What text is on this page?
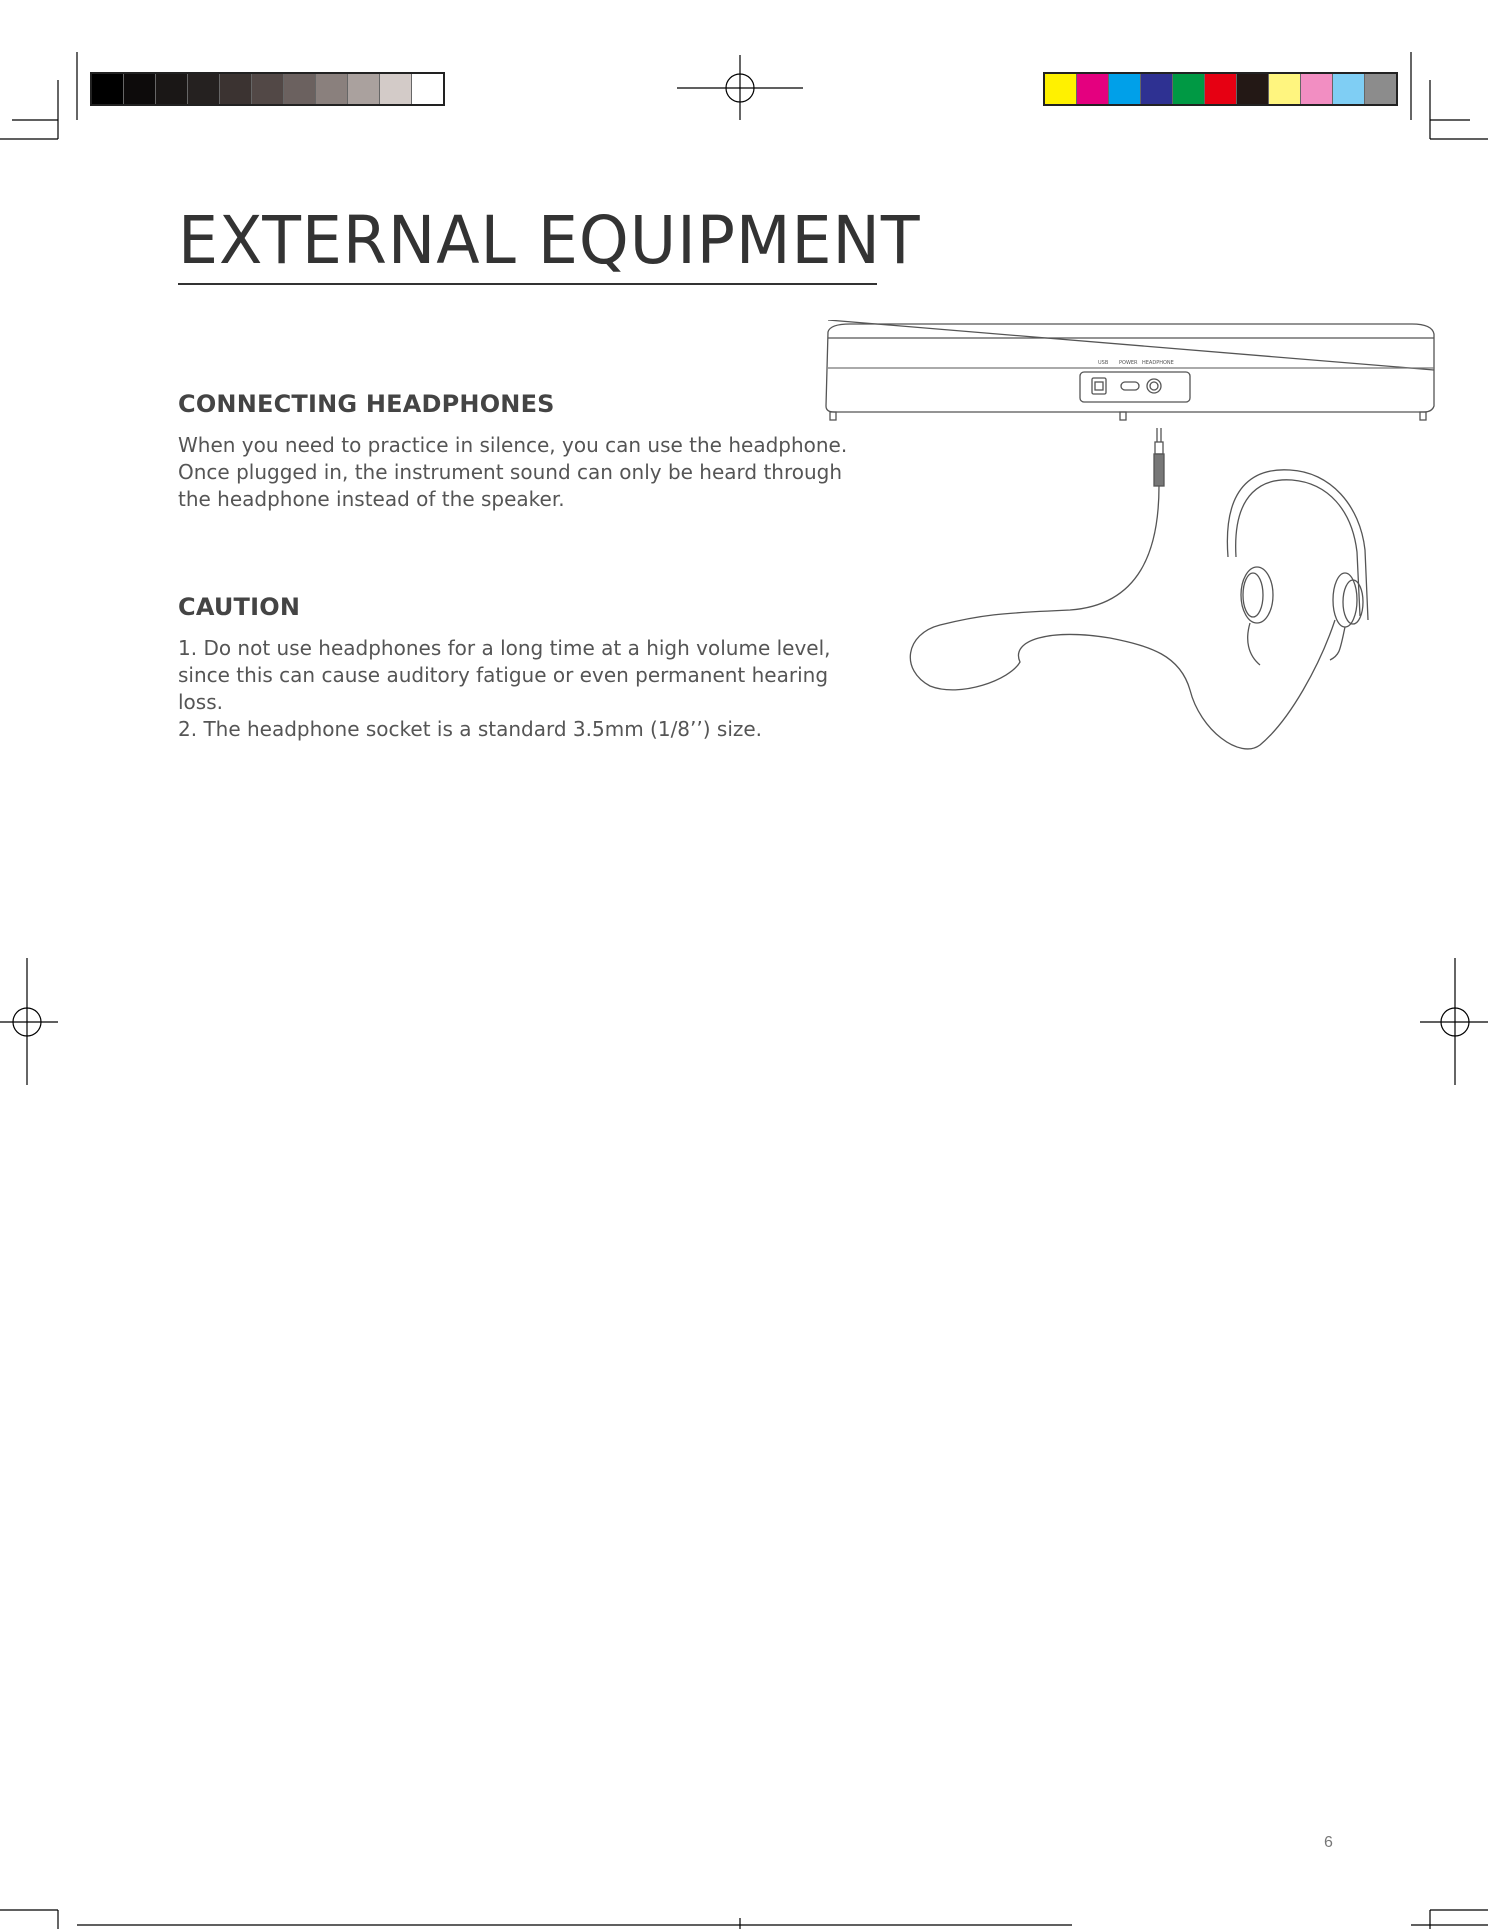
EXTERNAL EQUIPMENT
CONNECTING HEADPHONES
When you need to practice in silence, you can use the headphone.
Once plugged in, the instrument sound can only be heard through
the headphone instead of the speaker.
CAUTION
1. Do not use headphones for a long time at a high volume level,
since this can cause auditory fatigue or even permanent hearing
loss.
2. The headphone socket is a standard 3.5mm (1/8’’) size.
USB POWER HEADPHONE
6
